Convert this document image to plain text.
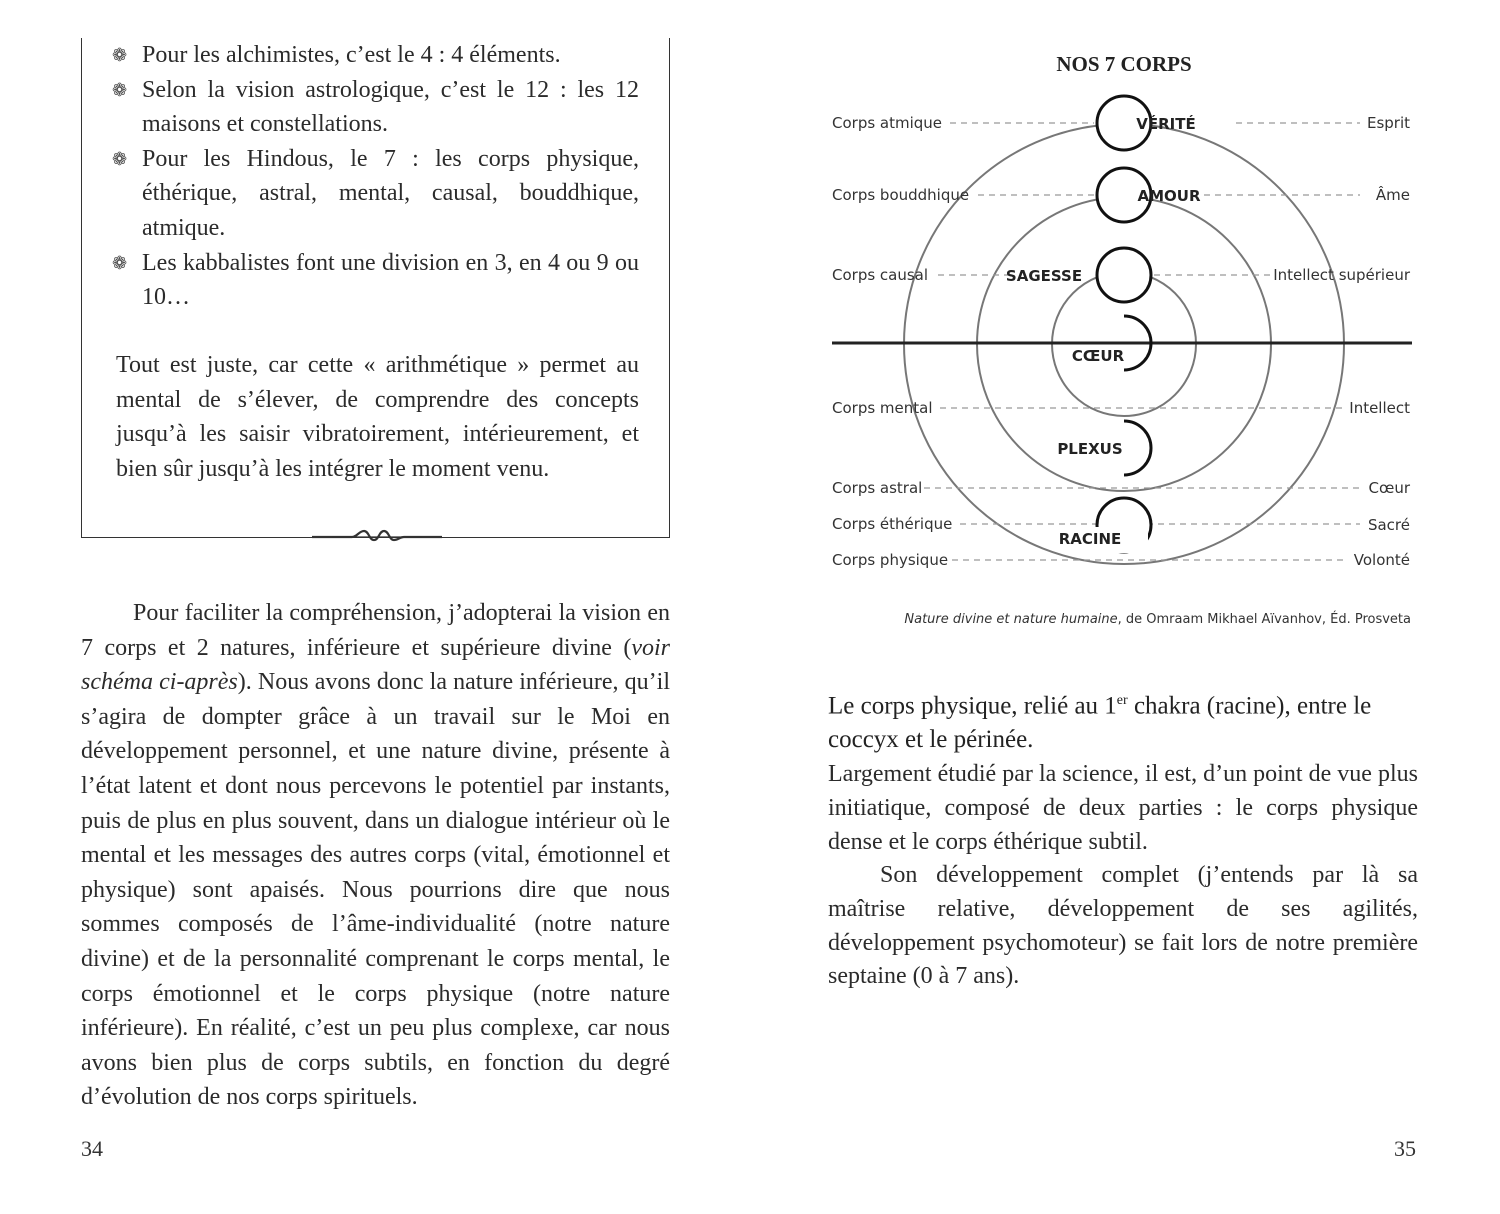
❁ Pour les alchimistes, c’est le 4 : 4 éléments.
❁ Selon la vision astrologique, c’est le 12 : les 12 maisons et constellations.
❁ Pour les Hindous, le 7 : les corps physique, éthérique, astral, mental, causal, bouddhique, atmique.
❁ Les kabbalistes font une division en 3, en 4 ou 9 ou 10…

Tout est juste, car cette « arithmétique » permet au mental de s’élever, de comprendre des concepts jusqu’à les saisir vibratoirement, intérieurement, et bien sûr jusqu’à les intégrer le moment venu.

Pour faciliter la compréhension, j’adopterai la vision en 7 corps et 2 natures, inférieure et supérieure divine (voir schéma ci-après). Nous avons donc la nature inférieure, qu’il s’agira de dompter grâce à un travail sur le Moi en développement personnel, et une nature divine, présente à l’état latent et dont nous percevons le potentiel par instants, puis de plus en plus souvent, dans un dialogue intérieur où le mental et les messages des autres corps (vital, émotionnel et physique) sont apaisés. Nous pourrions dire que nous sommes composés de l’âme-individualité (notre nature divine) et de la personnalité comprenant le corps mental, le corps émotionnel et le corps physique (notre nature inférieure). En réalité, c’est un peu plus complexe, car nous avons bien plus de corps subtils, en fonction du degré d’évolution de nos corps spirituels.

34
NOS 7 CORPS
VÉRITÉ
AMOUR
SAGESSE
CŒUR
PLEXUS
RACINE
Corps atmique
Corps bouddhique
Corps causal
Corps mental
Corps astral
Corps éthérique
Corps physique
Esprit
Âme
Intellect supérieur
Intellect
Cœur
Sacré
Volonté
Nature divine et nature humaine, de Omraam Mikhael Aïvanhov, Éd. Prosveta
Le corps physique, relié au 1er chakra (racine), entre le coccyx et le périnée.

Largement étudié par la science, il est, d’un point de vue plus initiatique, composé de deux parties : le corps physique dense et le corps éthérique subtil.

Son développement complet (j’entends par là sa maîtrise relative, développement de ses agilités, développement psychomoteur) se fait lors de notre première septaine (0 à 7 ans).

35
